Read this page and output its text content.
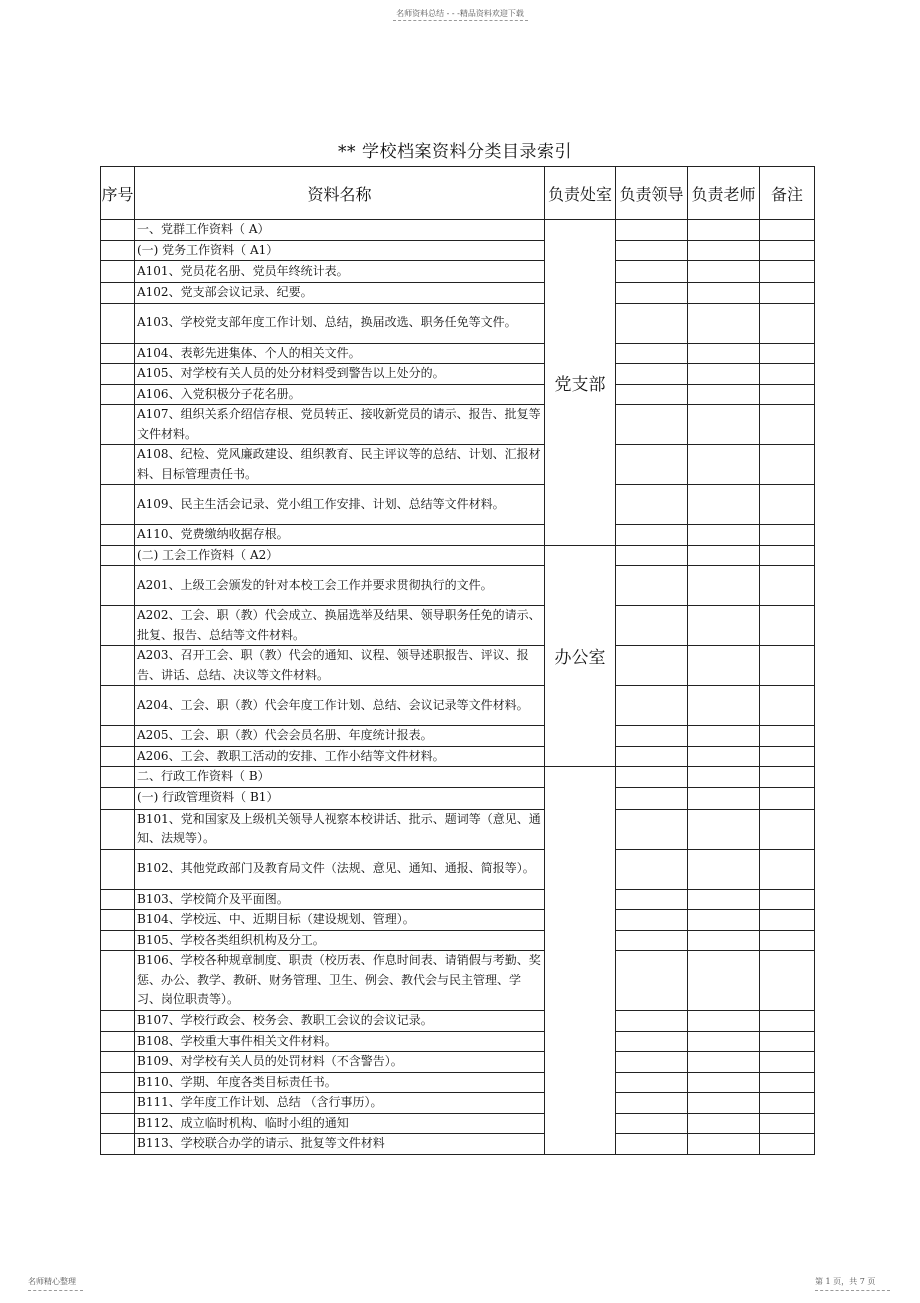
名师资料总结 - - -精品资料欢迎下载
** 学校档案资料分类目录索引
序号	资料名称	负责处室	负责领导	负责老师	备注
	一、党群工作资料（ A）	党支部			
	(一) 党务工作资料（ A1）				
	A101、党员花名册、党员年终统计表。				
	A102、党支部会议记录、纪要。				
	A103、学校党支部年度工作计划、总结，换届改选、职务任免等文件。				
	A104、表彰先进集体、个人的相关文件。				
	A105、对学校有关人员的处分材料受到警告以上处分的。				
	A106、入党积极分子花名册。				
	A107、组织关系介绍信存根、党员转正、接收新党员的请示、报告、批复等文件材料。				
	A108、纪检、党风廉政建设、组织教育、民主评议等的总结、计划、汇报材料、目标管理责任书。				
	A109、民主生活会记录、党小组工作安排、计划、总结等文件材料。				
	A110、党费缴纳收据存根。				
	(二) 工会工作资料（ A2）	办公室			
	A201、上级工会颁发的针对本校工会工作并要求贯彻执行的文件。				
	A202、工会、职（教）代会成立、换届选举及结果、领导职务任免的请示、批复、报告、总结等文件材料。				
	A203、召开工会、职（教）代会的通知、议程、领导述职报告、评议、报告、讲话、总结、决议等文件材料。				
	A204、工会、职（教）代会年度工作计划、总结、会议记录等文件材料。				
	A205、工会、职（教）代会会员名册、年度统计报表。				
	A206、工会、教职工活动的安排、工作小结等文件材料。				
	二、行政工作资料（ B）				
	(一) 行政管理资料（ B1）				
	B101、党和国家及上级机关领导人视察本校讲话、批示、题词等（意见、通知、法规等）。				
	B102、其他党政部门及教育局文件（法规、意见、通知、通报、简报等）。				
	B103、学校简介及平面图。				
	B104、学校远、中、近期目标（建设规划、管理）。				
	B105、学校各类组织机构及分工。				
	B106、学校各种规章制度、职责（校历表、作息时间表、请销假与考勤、奖惩、办公、教学、教研、财务管理、卫生、例会、教代会与民主管理、学习、岗位职责等）。				
	B107、学校行政会、校务会、教职工会议的会议记录。				
	B108、学校重大事件相关文件材料。				
	B109、对学校有关人员的处罚材料（不含警告）。				
	B110、学期、年度各类目标责任书。				
	B111、学年度工作计划、总结 （含行事历）。				
	B112、成立临时机构、临时小组的通知				
	B113、学校联合办学的请示、批复等文件材料				
名师精心整理	第 1 页，共 7 页
